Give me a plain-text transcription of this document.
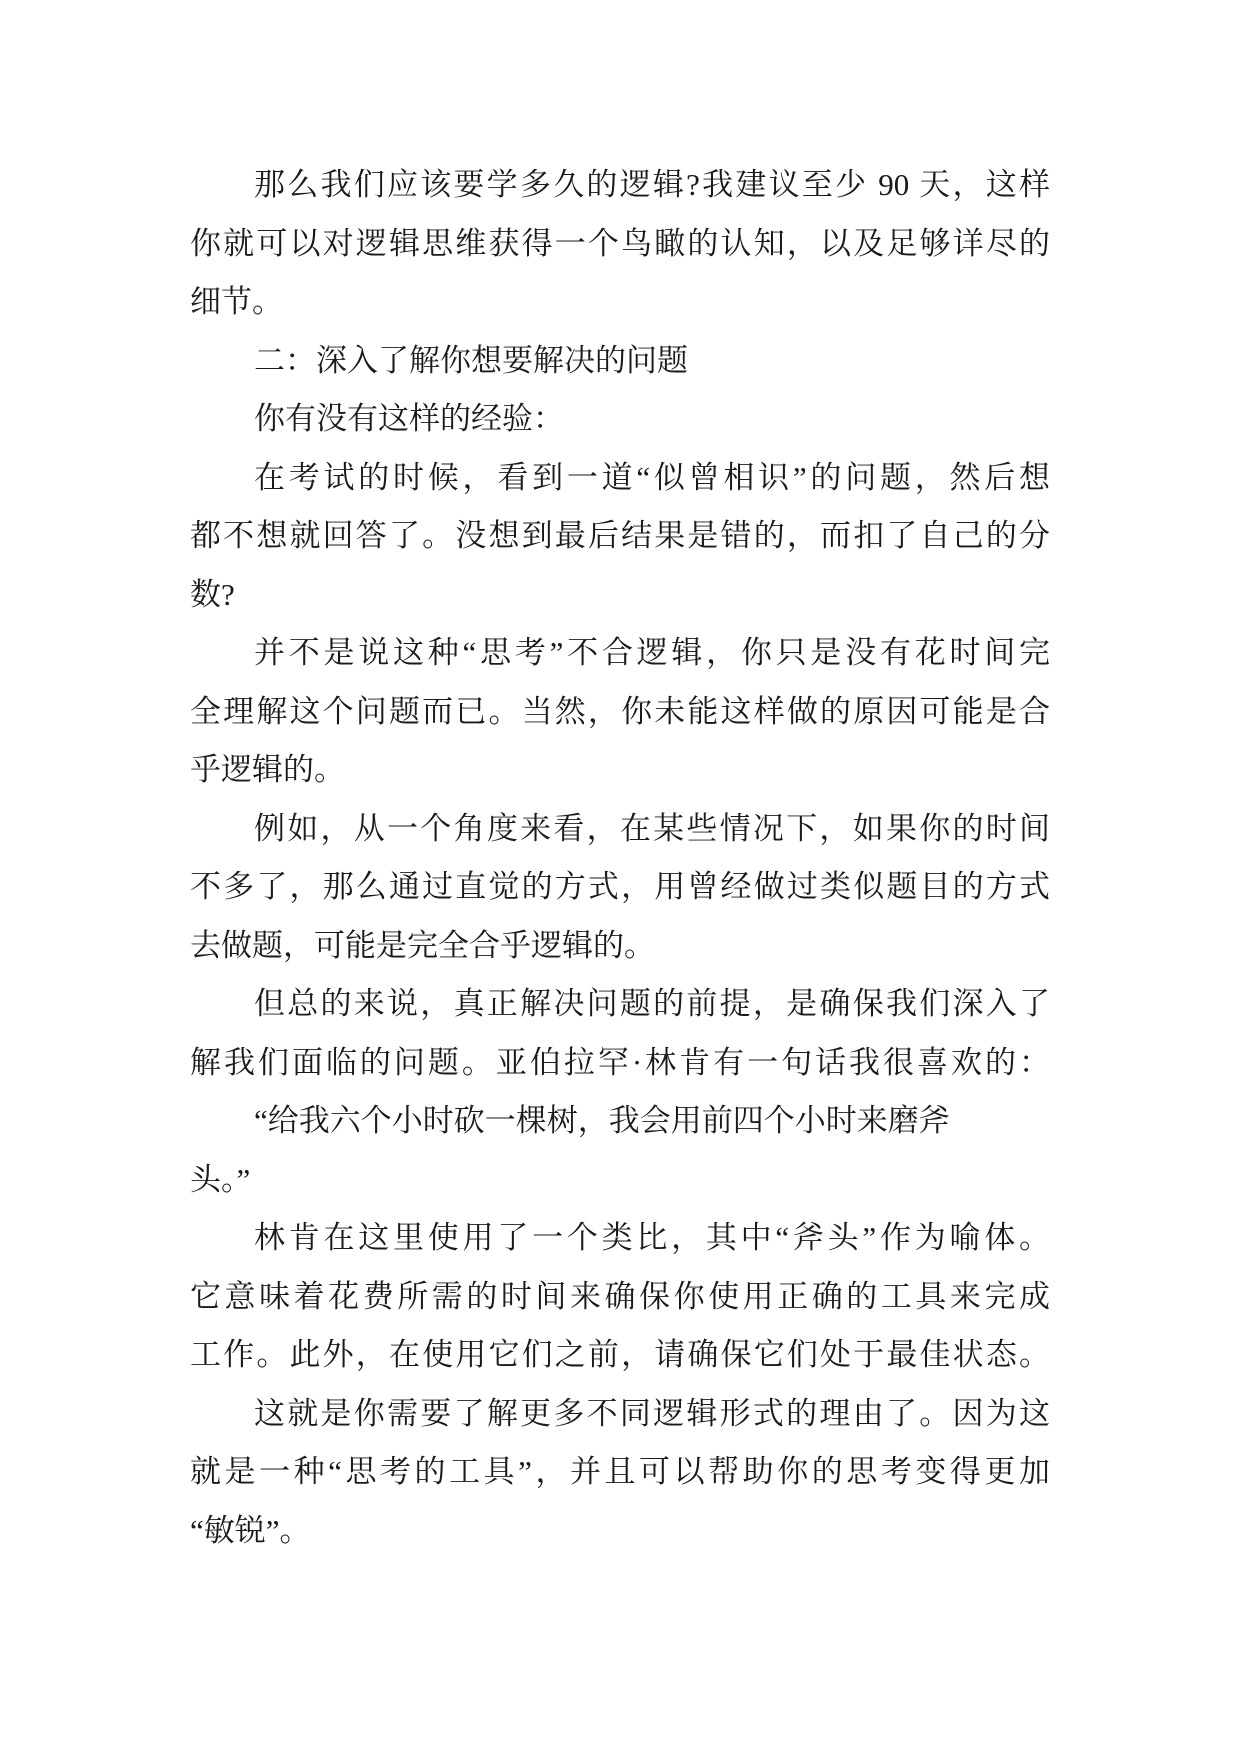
那么我们应该要学多久的逻辑?我建议至少 90 天，这样
你就可以对逻辑思维获得一个鸟瞰的认知，以及足够详尽的
细节。
二：深入了解你想要解决的问题
你有没有这样的经验：
在考试的时候，看到一道“似曾相识”的问题，然后想
都不想就回答了。没想到最后结果是错的，而扣了自己的分
数?
并不是说这种“思考”不合逻辑，你只是没有花时间完
全理解这个问题而已。当然，你未能这样做的原因可能是合
乎逻辑的。
例如，从一个角度来看，在某些情况下，如果你的时间
不多了，那么通过直觉的方式，用曾经做过类似题目的方式
去做题，可能是完全合乎逻辑的。
但总的来说，真正解决问题的前提，是确保我们深入了
解我们面临的问题。亚伯拉罕·林肯有一句话我很喜欢的：
“给我六个小时砍一棵树，我会用前四个小时来磨斧
头。”
林肯在这里使用了一个类比，其中“斧头”作为喻体。
它意味着花费所需的时间来确保你使用正确的工具来完成
工作。此外，在使用它们之前，请确保它们处于最佳状态。
这就是你需要了解更多不同逻辑形式的理由了。因为这
就是一种“思考的工具”，并且可以帮助你的思考变得更加
“敏锐”。
